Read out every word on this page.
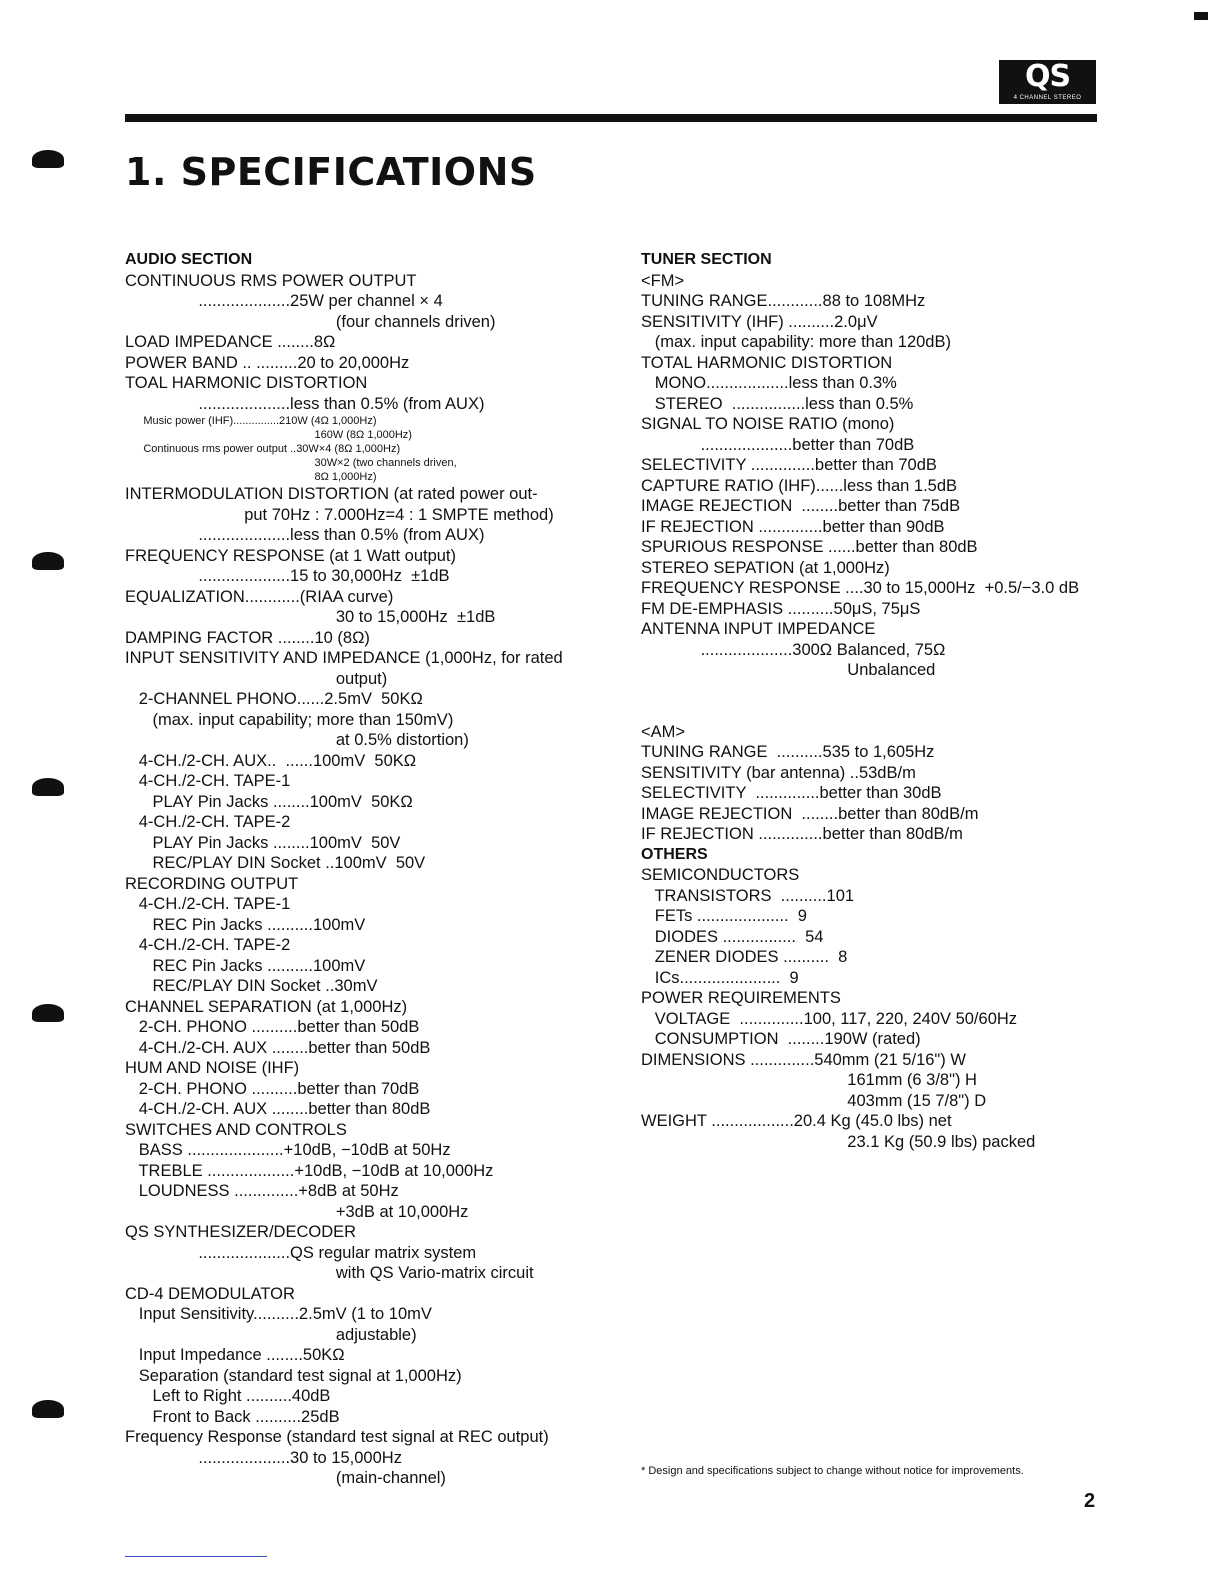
QS
4 CHANNEL STEREO
1. SPECIFICATIONS
AUDIO SECTION
CONTINUOUS RMS POWER OUTPUT
....................25W per channel × 4
(four channels driven)
LOAD IMPEDANCE ........8Ω
POWER BAND .. .........20 to 20,000Hz
TOAL HARMONIC DISTORTION
....................less than 0.5% (from AUX)
Music power (IHF)...............210W (4Ω 1,000Hz)
160W (8Ω 1,000Hz)
Continuous rms power output ..30W×4 (8Ω 1,000Hz)
30W×2 (two channels driven,
8Ω 1,000Hz)
INTERMODULATION DISTORTION (at rated power out-
put 70Hz : 7.000Hz=4 : 1 SMPTE method)
....................less than 0.5% (from AUX)
FREQUENCY RESPONSE (at 1 Watt output)
....................15 to 30,000Hz  ±1dB
EQUALIZATION............(RIAA curve)
30 to 15,000Hz  ±1dB
DAMPING FACTOR ........10 (8Ω)
INPUT SENSITIVITY AND IMPEDANCE (1,000Hz, for rated
output)
2-CHANNEL PHONO......2.5mV  50KΩ
(max. input capability; more than 150mV)
at 0.5% distortion)
4-CH./2-CH. AUX..  ......100mV  50KΩ
4-CH./2-CH. TAPE-1
PLAY Pin Jacks ........100mV  50KΩ
4-CH./2-CH. TAPE-2
PLAY Pin Jacks ........100mV  50V
REC/PLAY DIN Socket ..100mV  50V
RECORDING OUTPUT
4-CH./2-CH. TAPE-1
REC Pin Jacks ..........100mV
4-CH./2-CH. TAPE-2
REC Pin Jacks ..........100mV
REC/PLAY DIN Socket ..30mV
CHANNEL SEPARATION (at 1,000Hz)
2-CH. PHONO ..........better than 50dB
4-CH./2-CH. AUX ........better than 50dB
HUM AND NOISE (IHF)
2-CH. PHONO ..........better than 70dB
4-CH./2-CH. AUX ........better than 80dB
SWITCHES AND CONTROLS
BASS .....................+10dB, −10dB at 50Hz
TREBLE ...................+10dB, −10dB at 10,000Hz
LOUDNESS ..............+8dB at 50Hz
+3dB at 10,000Hz
QS SYNTHESIZER/DECODER
....................QS regular matrix system
with QS Vario-matrix circuit
CD-4 DEMODULATOR
Input Sensitivity..........2.5mV (1 to 10mV
adjustable)
Input Impedance ........50KΩ
Separation (standard test signal at 1,000Hz)
Left to Right ..........40dB
Front to Back ..........25dB
Frequency Response (standard test signal at REC output)
....................30 to 15,000Hz
(main-channel)
TUNER SECTION
<FM>
TUNING RANGE............88 to 108MHz
SENSITIVITY (IHF) ..........2.0μV
(max. input capability: more than 120dB)
TOTAL HARMONIC DISTORTION
MONO..................less than 0.3%
STEREO  ................less than 0.5%
SIGNAL TO NOISE RATIO (mono)
....................better than 70dB
SELECTIVITY ..............better than 70dB
CAPTURE RATIO (IHF)......less than 1.5dB
IMAGE REJECTION  ........better than 75dB
IF REJECTION ..............better than 90dB
SPURIOUS RESPONSE ......better than 80dB
STEREO SEPATION (at 1,000Hz)
FREQUENCY RESPONSE ....30 to 15,000Hz  +0.5/−3.0 dB
FM DE-EMPHASIS ..........50μS, 75μS
ANTENNA INPUT IMPEDANCE
....................300Ω Balanced, 75Ω
Unbalanced
<AM>
TUNING RANGE  ..........535 to 1,605Hz
SENSITIVITY (bar antenna) ..53dB/m
SELECTIVITY  ..............better than 30dB
IMAGE REJECTION  ........better than 80dB/m
IF REJECTION ..............better than 80dB/m
OTHERS
SEMICONDUCTORS
TRANSISTORS  ..........101
FETs ....................  9
DIODES ................  54
ZENER DIODES ..........  8
ICs......................  9
POWER REQUIREMENTS
VOLTAGE  ..............100, 117, 220, 240V 50/60Hz
CONSUMPTION  ........190W (rated)
DIMENSIONS ..............540mm (21 5/16") W
161mm (6 3/8") H
403mm (15 7/8") D
WEIGHT ..................20.4 Kg (45.0 lbs) net
23.1 Kg (50.9 lbs) packed
* Design and specifications subject to change without notice for improvements.
2
